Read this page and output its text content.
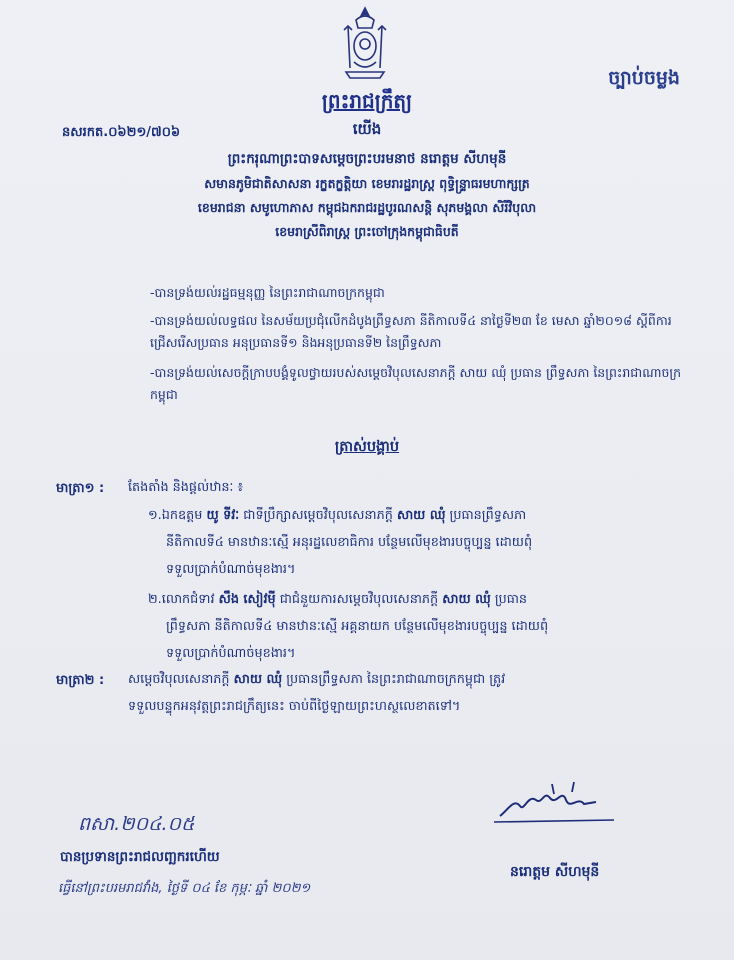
ច្បាប់ចម្លង
ព្រះរាជក្រឹត្យ
នសរកត.០៦២១/៧០៦	យើង
ព្រះករុណាព្រះបាទសម្តេចព្រះបរមនាថ នរោត្តម សីហមុនី
សមានភូមិជាតិសាសនា រក្ខតក្ខត្តិយា ខេមរារដ្ឋរាស្ត្រ ពុទ្ធិន្ទ្រាធរមហាក្សត្រ
ខេមរាជនា សមូហោភាស កម្ពុជឯករាជរដ្ឋបូរណសន្តិ សុភមង្គលា សិរីវិបុលា
ខេមរាស្រីពិរាស្ត្រ ព្រះចៅក្រុងកម្ពុជាធិបតី
-បានទ្រង់យល់រដ្ឋធម្មនុញ្ញ នៃព្រះរាជាណាចក្រកម្ពុជា
-បានទ្រង់យល់លទ្ធផល នៃសម័យប្រជុំលើកដំបូងព្រឹទ្ធសភា នីតិកាលទី៤ នាថ្ងៃទី២៣ ខែ មេសា ឆ្នាំ២០១៨ ស្តីពីការជ្រើសរើសប្រធាន អនុប្រធានទី១ និងអនុប្រធានទី២ នៃព្រឹទ្ធសភា
-បានទ្រង់យល់សេចក្តីក្រាបបង្គំទូលថ្វាយរបស់សម្តេចវិបុលសេនាភក្តី សាយ ឈុំ ប្រធាន ព្រឹទ្ធសភា នៃព្រះរាជាណាចក្រកម្ពុជា
ត្រាស់បង្គាប់
មាត្រា១ : តែងតាំង និងផ្តល់ឋានៈ ៖
១.ឯកឧត្តម យូ ទីវៈ ជាទីប្រឹក្សាសម្តេចវិបុលសេនាភក្តី សាយ ឈុំ ប្រធានព្រឹទ្ធសភា
នីតិកាលទី៤ មានឋានៈស្មើ អនុរដ្ឋលេខាធិការ បន្ថែមលើមុខងារបច្ចុប្បន្ន ដោយពុំ
ទទួលប្រាក់បំណាច់មុខងារ។
២.លោកជំទាវ សឹង សៀវម៉ី ជាជំនួយការសម្តេចវិបុលសេនាភក្តី សាយ ឈុំ ប្រធាន
ព្រឹទ្ធសភា នីតិកាលទី៤ មានឋានៈស្មើ អគ្គនាយក បន្ថែមលើមុខងារបច្ចុប្បន្ន ដោយពុំ
ទទួលប្រាក់បំណាច់មុខងារ។
មាត្រា២ : សម្តេចវិបុលសេនាភក្តី សាយ ឈុំ ប្រធានព្រឹទ្ធសភា នៃព្រះរាជាណាចក្រកម្ពុជា ត្រូវ
ទទួលបន្ទុកអនុវត្តព្រះរាជក្រឹត្យនេះ ចាប់ពីថ្ងៃឡាយព្រះហស្ថលេខាតទៅ។
ពសា.២០៤.០៥
បានប្រទានព្រះរាជលញ្ឆករហើយ
នរោត្តម សីហមុនី
ធ្វើនៅព្រះបរមរាជវាំង, ថ្ងៃទី ០៤ ខែ កុម្ភៈ ឆ្នាំ ២០២១
